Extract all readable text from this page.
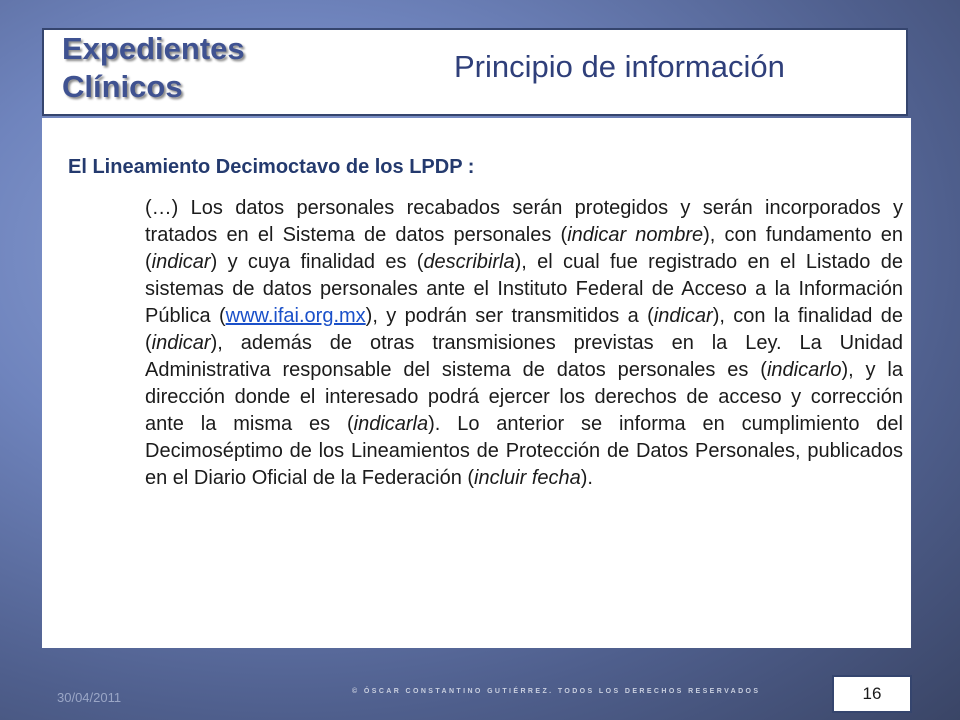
Expedientes
Clínicos
Principio de información

El Lineamiento Decimoctavo de los LPDP :

(…) Los datos personales recabados serán protegidos y serán incorporados y tratados en el Sistema de datos personales (indicar nombre), con fundamento en (indicar) y cuya finalidad es (describirla), el cual fue registrado en el Listado de sistemas de datos personales ante el Instituto Federal de Acceso a la Información Pública (www.ifai.org.mx), y podrán ser transmitidos a (indicar), con la finalidad de (indicar), además de otras transmisiones previstas en la Ley. La Unidad Administrativa responsable del sistema de datos personales es (indicarlo), y la dirección donde el interesado podrá ejercer los derechos de acceso y corrección ante la misma es (indicarla). Lo anterior se informa en cumplimiento del Decimoséptimo de los Lineamientos de Protección de Datos Personales, publicados en el Diario Oficial de la Federación (incluir fecha).

30/04/2011	© ÓSCAR CONSTANTINO GUTIÉRREZ. TODOS LOS DERECHOS RESERVADOS	16
